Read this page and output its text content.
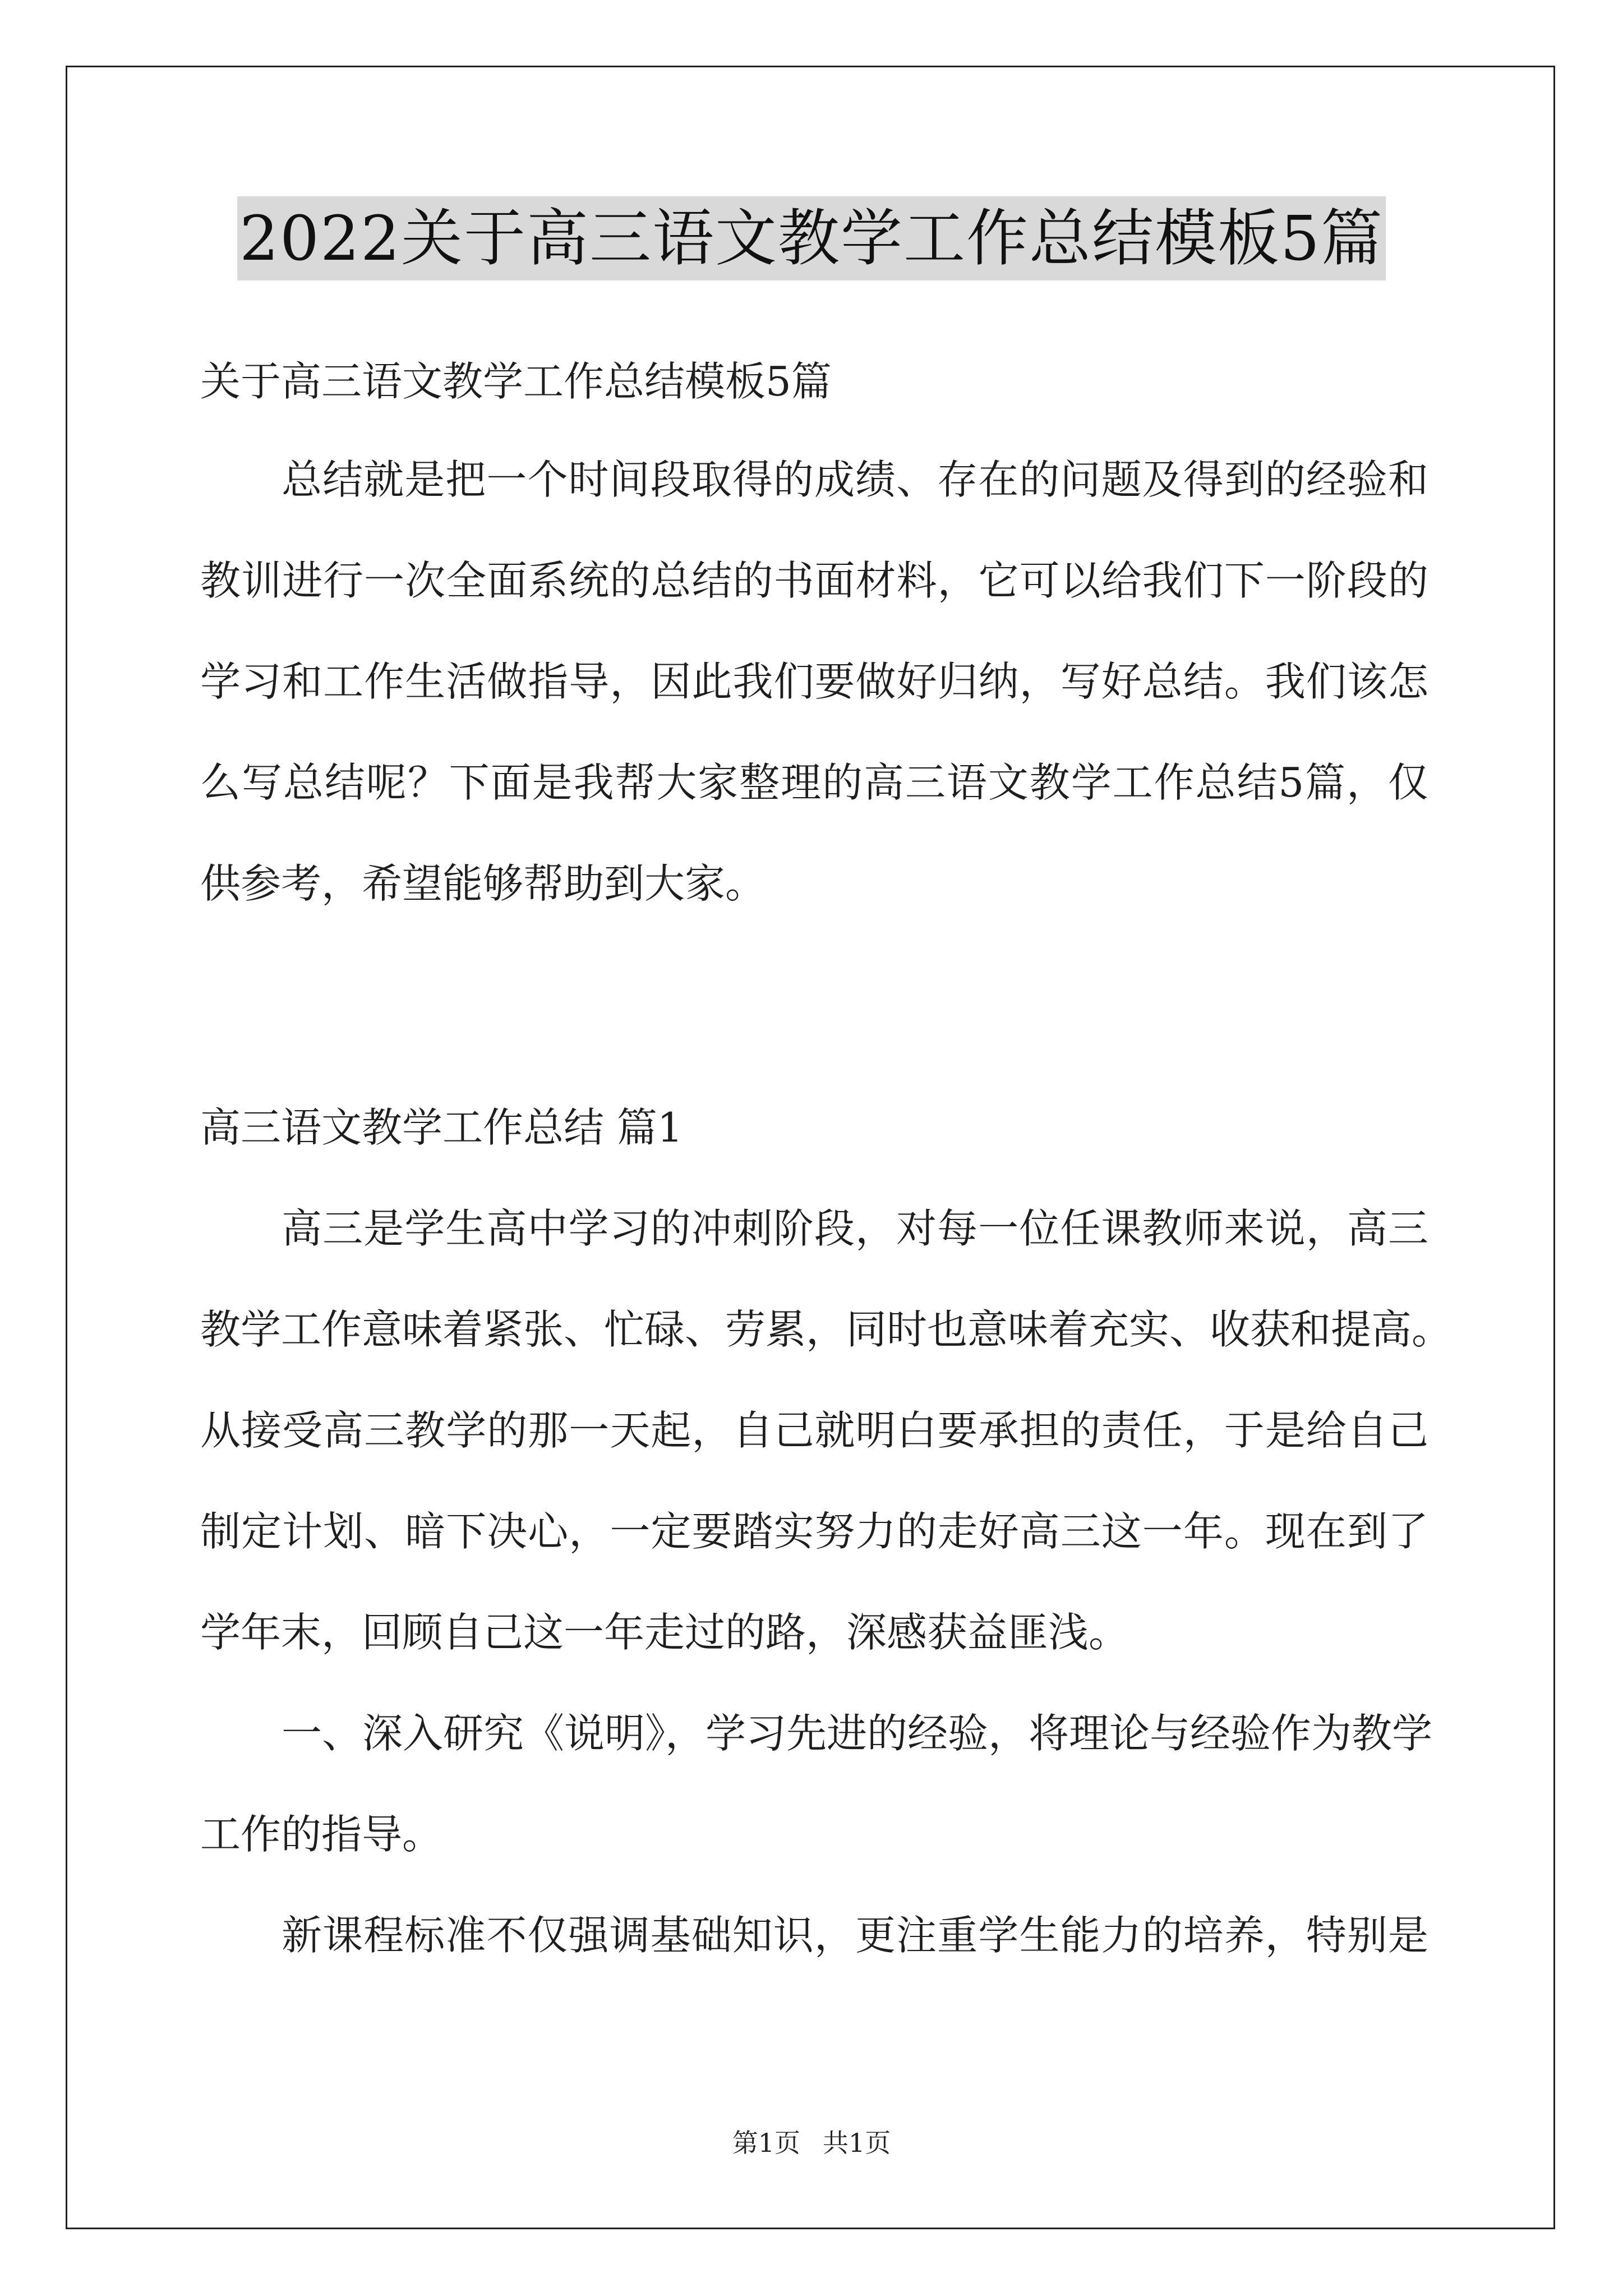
2022关于高三语文教学工作总结模板5篇
关于高三语文教学工作总结模板5篇
总结就是把一个时间段取得的成绩、存在的问题及得到的经验和
教训进行一次全面系统的总结的书面材料，它可以给我们下一阶段的
学习和工作生活做指导，因此我们要做好归纳，写好总结。我们该怎
么写总结呢？下面是我帮大家整理的高三语文教学工作总结5篇，仅
供参考，希望能够帮助到大家。
高三语文教学工作总结 篇1
高三是学生高中学习的冲刺阶段，对每一位任课教师来说，高三
教学工作意味着紧张、忙碌、劳累，同时也意味着充实、收获和提高。
从接受高三教学的那一天起，自己就明白要承担的责任，于是给自己
制定计划、暗下决心，一定要踏实努力的走好高三这一年。现在到了
学年末，回顾自己这一年走过的路，深感获益匪浅。
一、深入研究《说明》，学习先进的经验，将理论与经验作为教学
工作的指导。
新课程标准不仅强调基础知识，更注重学生能力的培养，特别是
第1页 共1页
